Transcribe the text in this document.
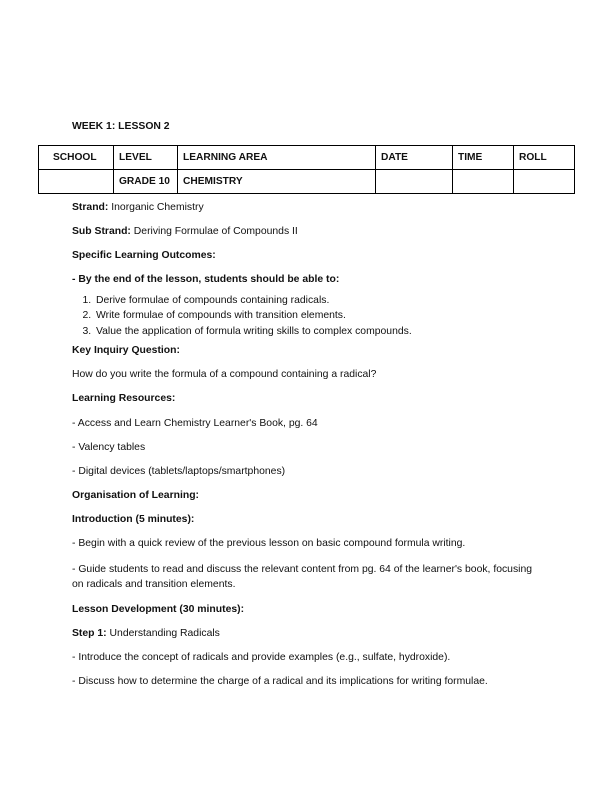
WEEK 1: LESSON 2

SCHOOL	LEVEL	LEARNING AREA	DATE	TIME	ROLL
	GRADE 10	CHEMISTRY			

Strand: Inorganic Chemistry

Sub Strand: Deriving Formulae of Compounds II

Specific Learning Outcomes:

- By the end of the lesson, students should be able to:

1. Derive formulae of compounds containing radicals.
2. Write formulae of compounds with transition elements.
3. Value the application of formula writing skills to complex compounds.

Key Inquiry Question:

How do you write the formula of a compound containing a radical?

Learning Resources:

- Access and Learn Chemistry Learner's Book, pg. 64

- Valency tables

- Digital devices (tablets/laptops/smartphones)

Organisation of Learning:

Introduction (5 minutes):

- Begin with a quick review of the previous lesson on basic compound formula writing.

- Guide students to read and discuss the relevant content from pg. 64 of the learner's book, focusing on radicals and transition elements.

Lesson Development (30 minutes):

Step 1: Understanding Radicals

- Introduce the concept of radicals and provide examples (e.g., sulfate, hydroxide).

- Discuss how to determine the charge of a radical and its implications for writing formulae.
